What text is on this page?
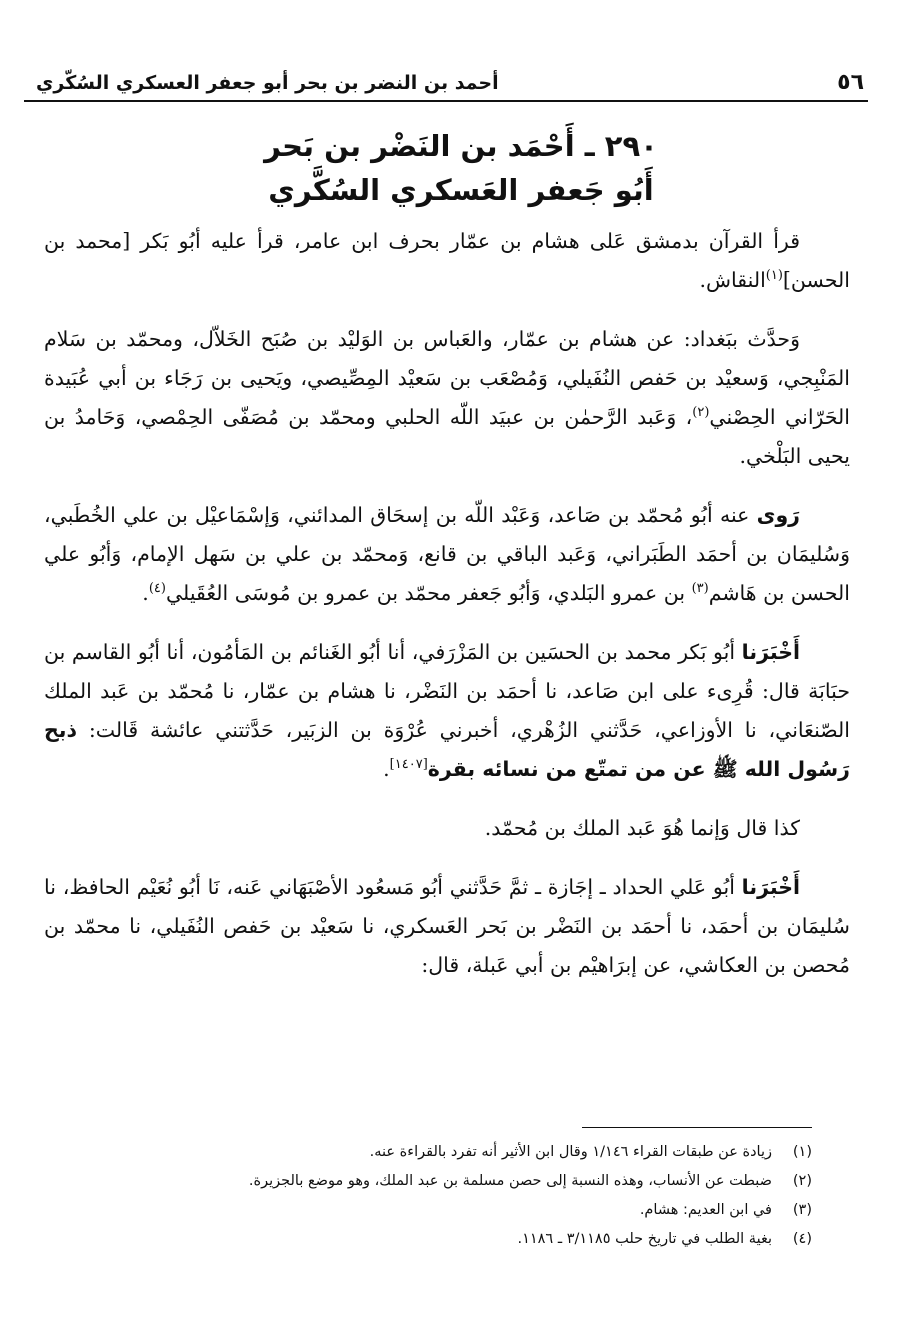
٥٦
أحمد بن النضر بن بحر أبو جعفر العسكري السُكّري
٢٩٠ ـ أَحْمَد بن النَضْر بن بَحر
أَبُو جَعفر العَسكري السُكَّري

قرأ القرآن بدمشق عَلى هشام بن عمّار بحرف ابن عامر، قرأ عليه أبُو بَكر [محمد بن الحسن]$^{(١)}$النقاش.

وَحدَّث ببَغداد: عن هشام بن عمّار، والعَباس بن الوَليْد بن صُبَح الخَلاّل، ومحمّد بن سَلام المَنْبِجي، وَسعيْد بن حَفص النُفَيلي، وَمُصْعَب بن سَعيْد المِصِّيصي، ويَحيى بن رَجَاء بن أبي عُبَيدة الحَرّاني الحِصْني$^{(٢)}$، وَعَبد الرَّحمٰن بن عبيَد اللّه الحلبي ومحمّد بن مُصَفّى الحِمْصي، وَحَامدُ بن يحيى البَلْخي.

رَوى عنه أبُو مُحمّد بن صَاعد، وَعَبْد اللّه بن إسحَاق المدائني، وَإسْمَاعيْل بن علي الخُطَبي، وَسُليمَان بن أحمَد الطَبَراني، وَعَبد الباقي بن قانع، وَمحمّد بن علي بن سَهل الإمام، وَأبُو علي الحسن بن هَاشم$^{(٣)}$ بن عمرو البَلدي، وَأبُو جَعفر محمّد بن عمرو بن مُوسَى العُقَيلي$^{(٤)}$.

أَخْبَرَنا أبُو بَكر محمد بن الحسَين بن المَزْرَفي، أنا أبُو الغَنائم بن المَأمُون، أنا أبُو القاسم بن حبَابَة قال: قُرِىء على ابن صَاعد، نا أحمَد بن النَضْر، نا هشام بن عمّار، نا مُحمّد بن عَبد الملك الصّنعَاني، نا الأوزاعي، حَدَّثني الزُهْري، أخبرني عُرْوَة بن الزبَير، حَدَّثتني عائشة قَالت: ذبح رَسُول الله ﷺ عن من تمتّع من نسائه بقرة[١٤٠٧].

كذا قال وَإنما هُوَ عَبد الملك بن مُحمّد.

أَخْبَرَنا أبُو عَلي الحداد ـ إجَازة ـ ثمَّ حَدَّثني أبُو مَسعُود الأصْبَهَاني عَنه، نَا أبُو نُعَيْم الحافظ، نا سُليمَان بن أحمَد، نا أحمَد بن النَضْر بن بَحر العَسكري، نا سَعيْد بن حَفص النُفَيلي، نا محمّد بن مُحصن بن العكاشي، عن إبرَاهيْم بن أبي عَبلة، قال:

(١)زيادة عن طبقات القراء ١/١٤٦ وقال ابن الأثير أنه تفرد بالقراءة عنه.
(٢)ضبطت عن الأنساب، وهذه النسبة إلى حصن مسلمة بن عبد الملك، وهو موضع بالجزيرة.
(٣)في ابن العديم: هشام.
(٤)بغية الطلب في تاريخ حلب ٣/١١٨٥ ـ ١١٨٦.
